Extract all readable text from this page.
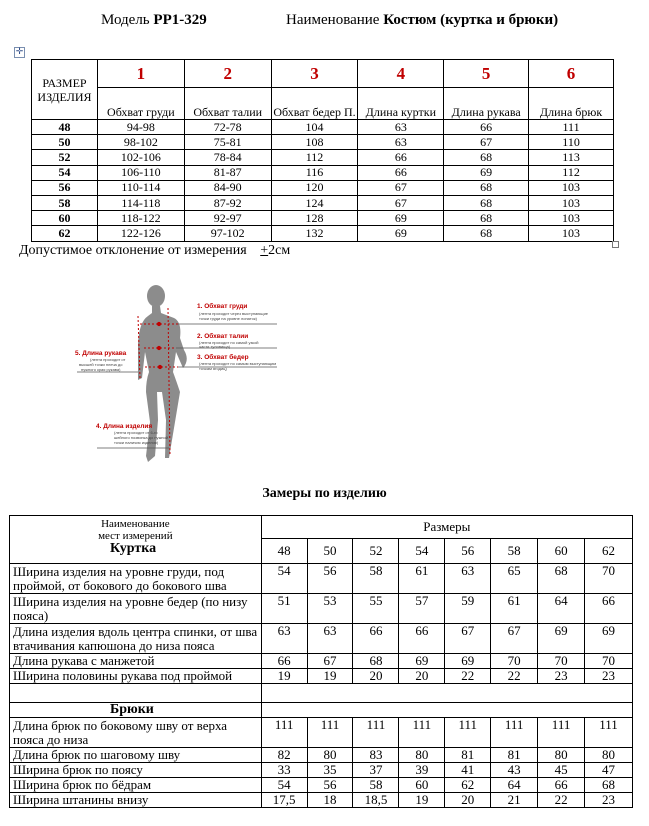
Модель PP1-329	Наименование Костюм (куртка и брюки)
✛
РАЗМЕР ИЗДЕЛИЯ	1	2	3	4	5	6
	Обхват груди	Обхват талии	Обхват бедер П.	Длина куртки	Длина рукава	Длина брюк
48	94-98	72-78	104	63	66	111
50	98-102	75-81	108	63	67	110
52	102-106	78-84	112	66	68	113
54	106-110	81-87	116	66	69	112
56	110-114	84-90	120	67	68	103
58	114-118	87-92	124	67	68	103
60	118-122	92-97	128	69	68	103
62	122-126	97-102	132	69	68	103
Допустимое отклонение от измерения +2см
1. Обхват груди
(лента проходит через выступающие
точки груди на уровне лопаток)
2. Обхват талии
(лента проходит по самой узкой
части туловища)
3. Обхват бедер
(лента проходит по самым выступающим
точкам ягодиц)
4. Длина изделия
(лента проходит от 6-го
шейного позвонка до нужной
точки наличия изделия)
5. Длина рукава
(лента проходит от
высшей точки плеча до
нужного края рукава)
Замеры по изделию
Наименование
мест измерений
Куртка	Размеры							
	48	50	52	54	56	58	60	62
Ширина изделия на уровне груди, под проймой, от бокового до бокового шва	54	56	58	61	63	65	68	70
Ширина изделия на уровне бедер (по низу пояса)	51	53	55	57	59	61	64	66
Длина изделия вдоль центра спинки, от шва втачивания капюшона до низа пояса	63	63	66	66	67	67	69	69
Длина рукава с манжетой	66	67	68	69	69	70	70	70
Ширина половины рукава под проймой	19	19	20	20	22	22	23	23

Брюки								
Длина брюк по боковому шву от верха пояса до низа	111	111	111	111	111	111	111	111
Длина брюк по шаговому шву	82	80	83	80	81	81	80	80
Ширина брюк по поясу	33	35	37	39	41	43	45	47
Ширина брюк по бёдрам	54	56	58	60	62	64	66	68
Ширина штанины внизу	17,5	18	18,5	19	20	21	22	23
